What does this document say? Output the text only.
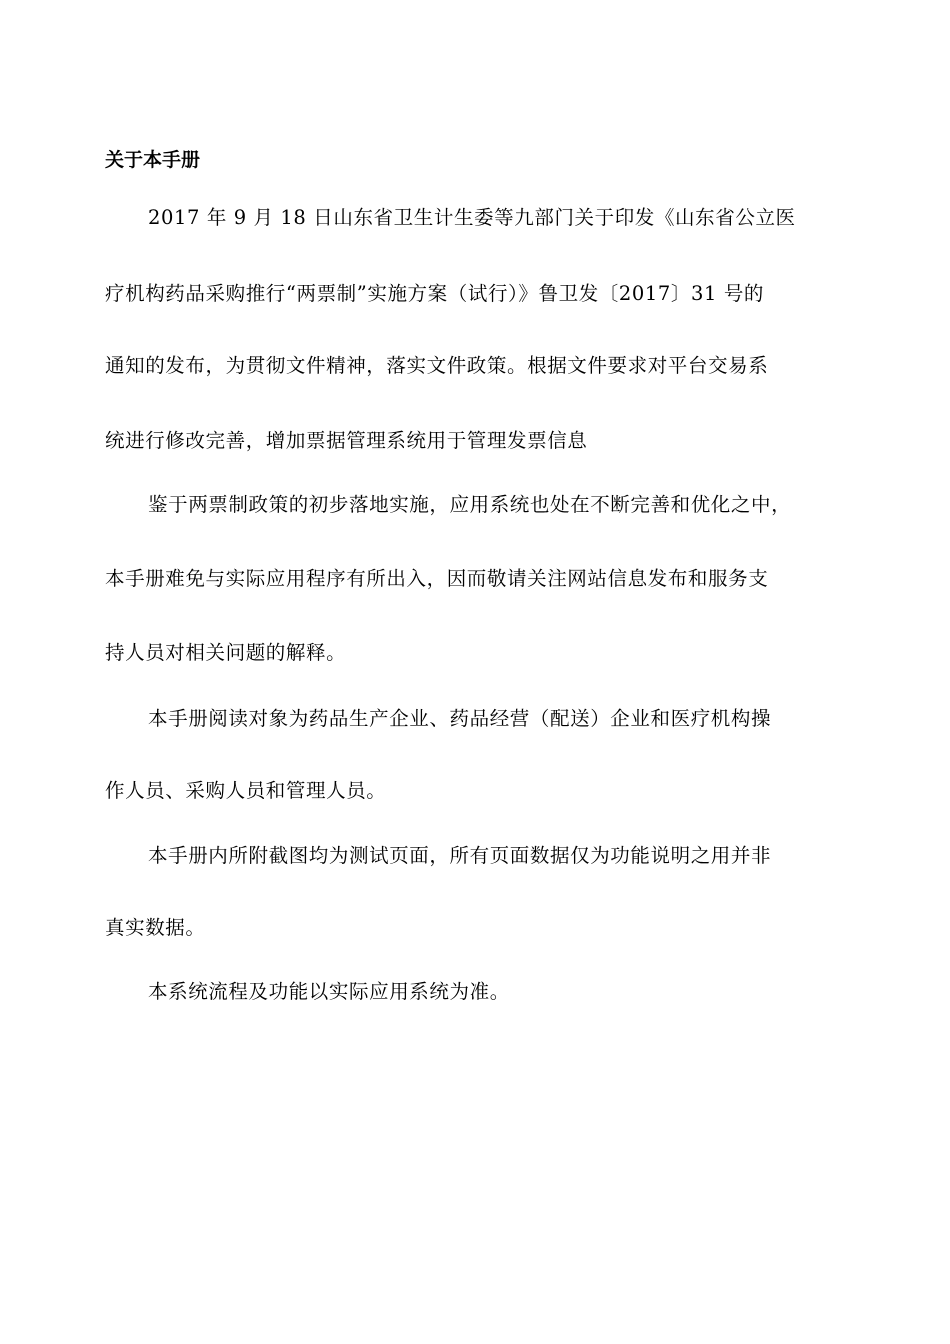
关于本手册
2017 年 9 月 18 日山东省卫生计生委等九部门关于印发《山东省公立医
疗机构药品采购推行“两票制”实施方案（试行）》鲁卫发〔2017〕31 号的
通知的发布，为贯彻文件精神，落实文件政策。根据文件要求对平台交易系
统进行修改完善，增加票据管理系统用于管理发票信息
鉴于两票制政策的初步落地实施，应用系统也处在不断完善和优化之中，
本手册难免与实际应用程序有所出入，因而敬请关注网站信息发布和服务支
持人员对相关问题的解释。
本手册阅读对象为药品生产企业、药品经营（配送）企业和医疗机构操
作人员、采购人员和管理人员。
本手册内所附截图均为测试页面，所有页面数据仅为功能说明之用并非
真实数据。
本系统流程及功能以实际应用系统为准。
